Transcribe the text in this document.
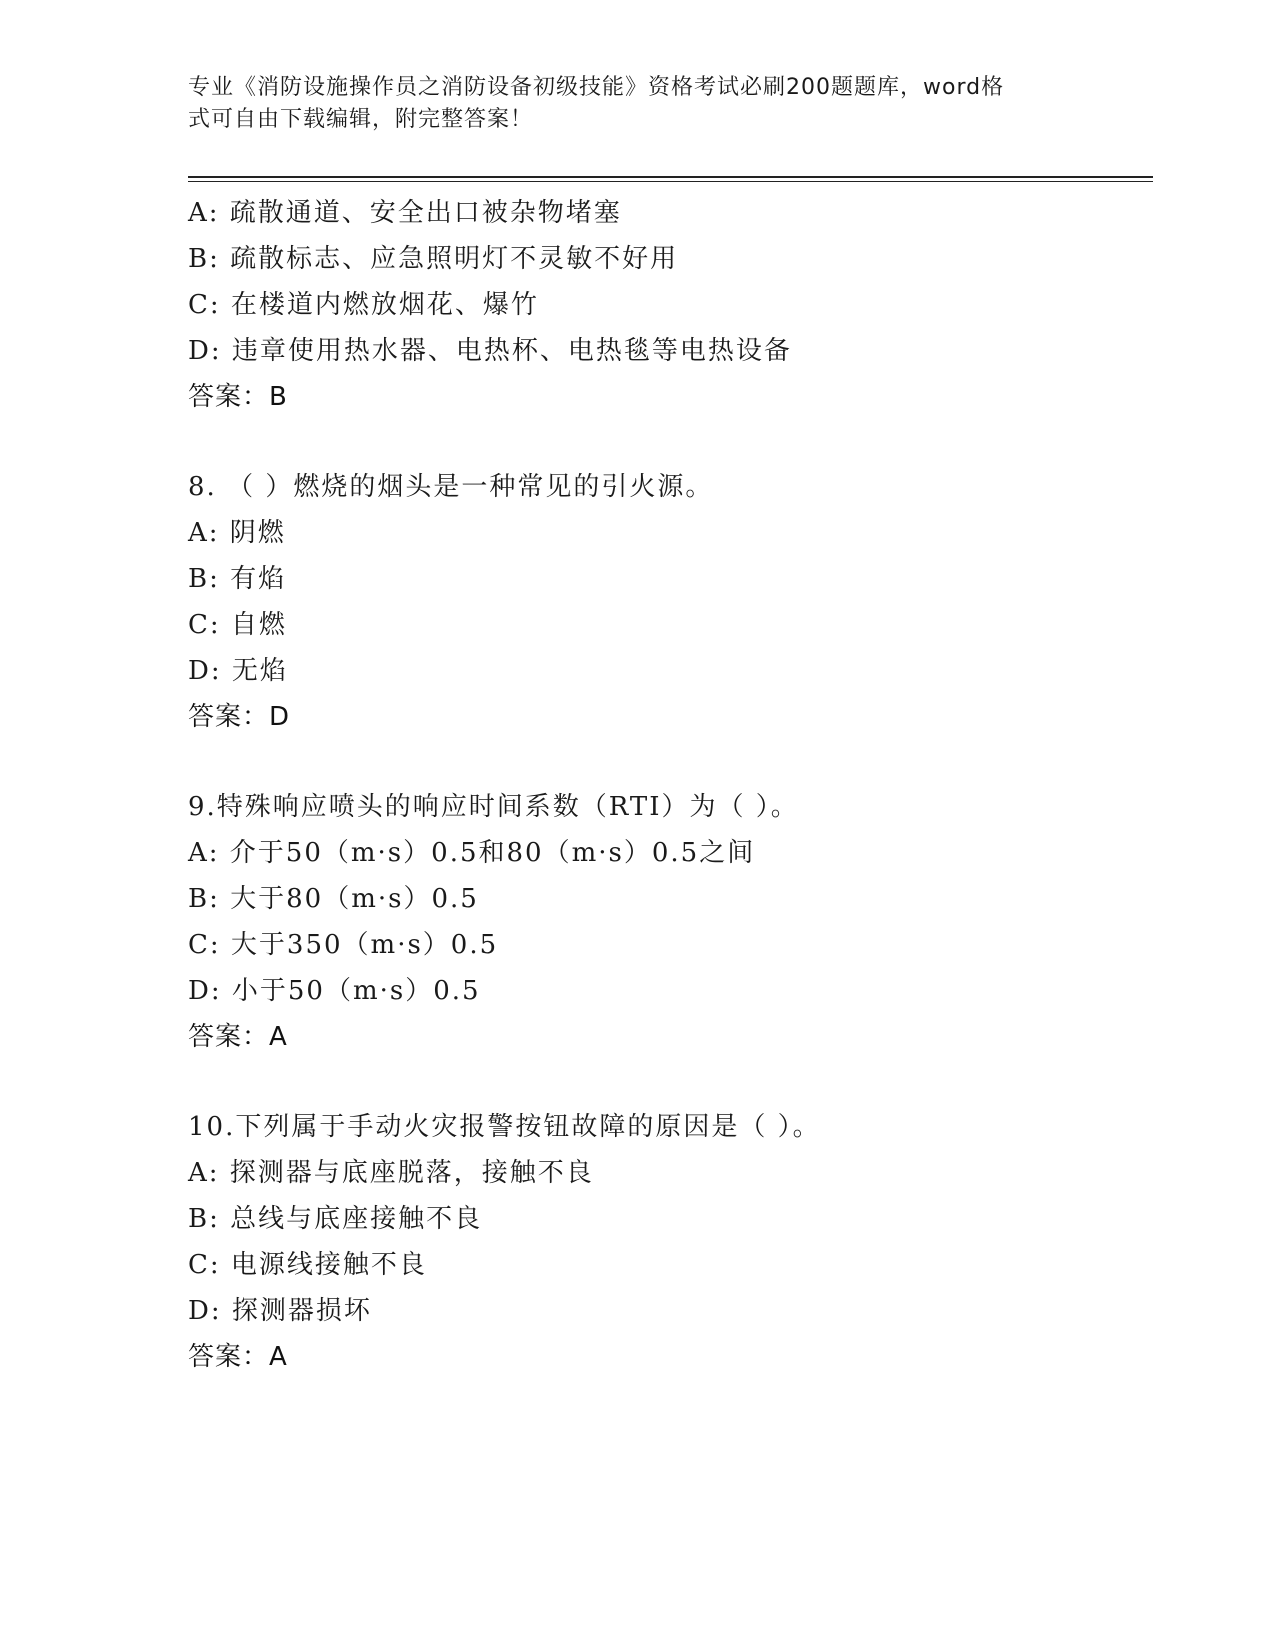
专业《消防设施操作员之消防设备初级技能》资格考试必刷200题题库，word格
式可自由下载编辑，附完整答案！
A: 疏散通道、安全出口被杂物堵塞
B: 疏散标志、应急照明灯不灵敏不好用
C: 在楼道内燃放烟花、爆竹
D: 违章使用热水器、电热杯、电热毯等电热设备
答案：B
8. （ ）燃烧的烟头是一种常见的引火源。
A: 阴燃
B: 有焰
C: 自燃
D: 无焰
答案：D
9.特殊响应喷头的响应时间系数（RTI）为（ ）。
A: 介于50（m·s）0.5和80（m·s）0.5之间
B: 大于80（m·s）0.5
C: 大于350（m·s）0.5
D: 小于50（m·s）0.5
答案：A
10.下列属于手动火灾报警按钮故障的原因是（ ）。
A: 探测器与底座脱落，接触不良
B: 总线与底座接触不良
C: 电源线接触不良
D: 探测器损坏
答案：A
